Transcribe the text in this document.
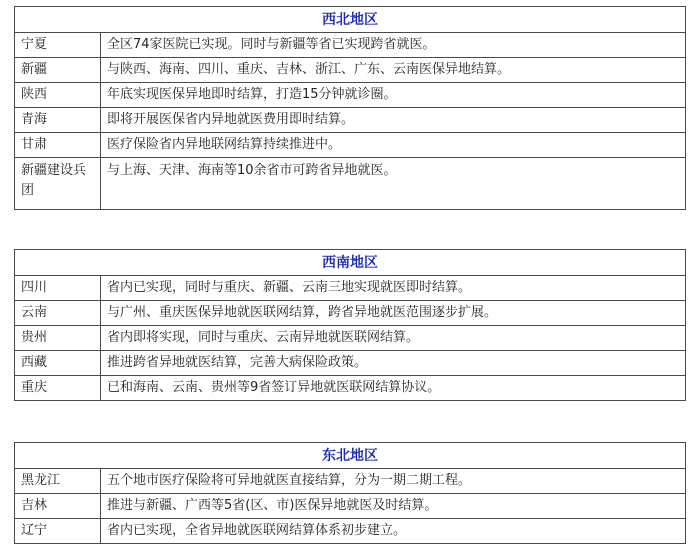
西北地区	
宁夏	全区74家医院已实现。同时与新疆等省已实现跨省就医。
新疆	与陕西、海南、四川、重庆、吉林、浙江、广东、云南医保异地结算。
陕西	年底实现医保异地即时结算，打造15分钟就诊圈。
青海	即将开展医保省内异地就医费用即时结算。
甘肃	医疗保险省内异地联网结算持续推进中。
新疆建设兵团	与上海、天津、海南等10余省市可跨省异地就医。
西南地区	
四川	省内已实现，同时与重庆、新疆、云南三地实现就医即时结算。
云南	与广州、重庆医保异地就医联网结算，跨省异地就医范围逐步扩展。
贵州	省内即将实现，同时与重庆、云南异地就医联网结算。
西藏	推进跨省异地就医结算，完善大病保险政策。
重庆	已和海南、云南、贵州等9省签订异地就医联网结算协议。
东北地区	
黑龙江	五个地市医疗保险将可异地就医直接结算，分为一期二期工程。
吉林	推进与新疆、广西等5省(区、市)医保异地就医及时结算。
辽宁	省内已实现，全省异地就医联网结算体系初步建立。
